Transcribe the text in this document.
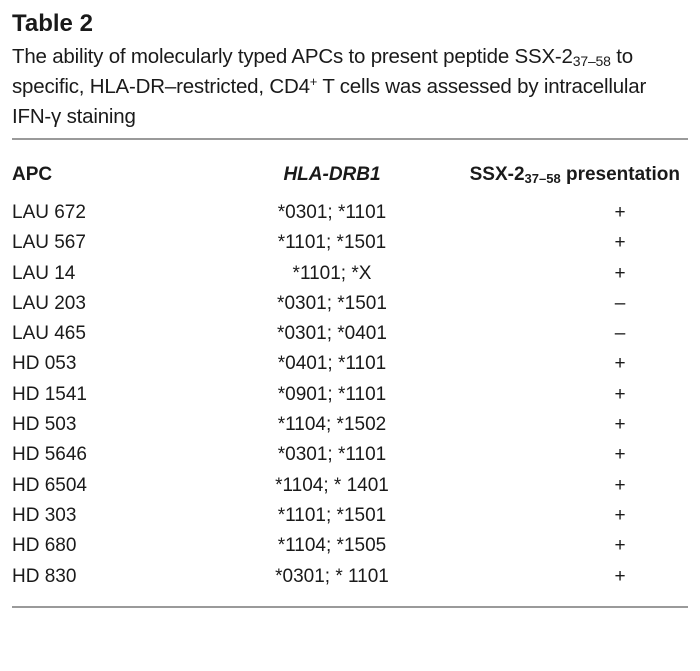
Table 2

The ability of molecularly typed APCs to present peptide SSX-$2_{37-58}$ to specific, HLA-DR–restricted, CD4+ T cells was assessed by intracellular IFN-γ staining

APC	HLA-DRB1	SSX-$2_{37-58}$ presentation
LAU 672	*0301; *1101	+
LAU 567	*1101; *1501	+
LAU 14	*1101; *X	+
LAU 203	*0301; *1501	–
LAU 465	*0301; *0401	–
HD 053	*0401; *1101	+
HD 1541	*0901; *1101	+
HD 503	*1104; *1502	+
HD 5646	*0301; *1101	+
HD 6504	*1104; * 1401	+
HD 303	*1101; *1501	+
HD 680	*1104; *1505	+
HD 830	*0301; * 1101	+
